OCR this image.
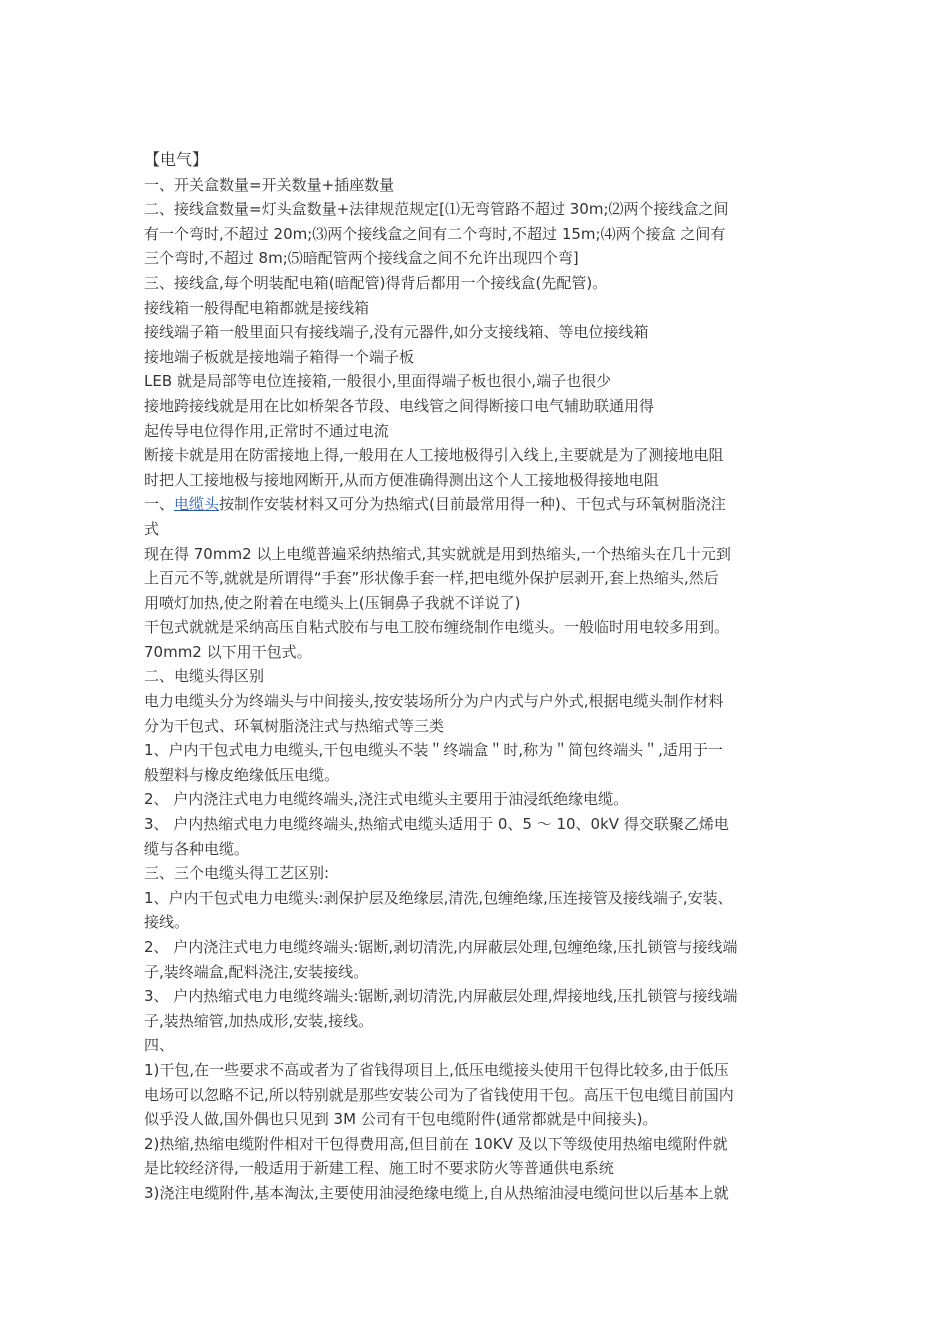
【电气】
一、开关盒数量=开关数量+插座数量
二、接线盒数量=灯头盒数量+法律规范规定[⑴无弯管路不超过 30m;⑵两个接线盒之间
有一个弯时,不超过 20m;⑶两个接线盒之间有二个弯时,不超过 15m;⑷两个接盒 之间有
三个弯时,不超过 8m;⑸暗配管两个接线盒之间不允许出现四个弯]
三、接线盒,每个明装配电箱(暗配管)得背后都用一个接线盒(先配管)。
接线箱一般得配电箱都就是接线箱
接线端子箱一般里面只有接线端子,没有元器件,如分支接线箱、等电位接线箱
接地端子板就是接地端子箱得一个端子板
LEB 就是局部等电位连接箱,一般很小,里面得端子板也很小,端子也很少
接地跨接线就是用在比如桥架各节段、电线管之间得断接口电气辅助联通用得
起传导电位得作用,正常时不通过电流
断接卡就是用在防雷接地上得,一般用在人工接地极得引入线上,主要就是为了测接地电阻
时把人工接地极与接地网断开,从而方便准确得测出这个人工接地极得接地电阻
一、电缆头按制作安装材料又可分为热缩式(目前最常用得一种)、干包式与环氧树脂浇注
式
现在得 70mm2 以上电缆普遍采纳热缩式,其实就就是用到热缩头,一个热缩头在几十元到
上百元不等,就就是所谓得“手套”形状像手套一样,把电缆外保护层剥开,套上热缩头,然后
用喷灯加热,使之附着在电缆头上(压铜鼻子我就不详说了)
干包式就就是采纳高压自粘式胶布与电工胶布缠绕制作电缆头。一般临时用电较多用到。
70mm2 以下用干包式。
二、电缆头得区别
电力电缆头分为终端头与中间接头,按安装场所分为户内式与户外式,根据电缆头制作材料
分为干包式、环氧树脂浇注式与热缩式等三类
1、户内干包式电力电缆头,干包电缆头不装＂终端盒＂时,称为＂简包终端头＂,适用于一
般塑料与橡皮绝缘低压电缆。
2、 户内浇注式电力电缆终端头,浇注式电缆头主要用于油浸纸绝缘电缆。
3、 户内热缩式电力电缆终端头,热缩式电缆头适用于 0、5 ～ 10、0kV 得交联聚乙烯电
缆与各种电缆。
三、三个电缆头得工艺区别:
1、户内干包式电力电缆头:剥保护层及绝缘层,清洗,包缠绝缘,压连接管及接线端子,安装、
接线。
2、 户内浇注式电力电缆终端头:锯断,剥切清洗,内屏蔽层处理,包缠绝缘,压扎锁管与接线端
子,装终端盒,配料浇注,安装接线。
3、 户内热缩式电力电缆终端头:锯断,剥切清洗,内屏蔽层处理,焊接地线,压扎锁管与接线端
子,装热缩管,加热成形,安装,接线。
四、
1)干包,在一些要求不高或者为了省钱得项目上,低压电缆接头使用干包得比较多,由于低压
电场可以忽略不记,所以特别就是那些安装公司为了省钱使用干包。高压干包电缆目前国内
似乎没人做,国外偶也只见到 3M 公司有干包电缆附件(通常都就是中间接头)。
2)热缩,热缩电缆附件相对干包得费用高,但目前在 10KV 及以下等级使用热缩电缆附件就
是比较经济得,一般适用于新建工程、施工时不要求防火等普通供电系统
3)浇注电缆附件,基本淘汰,主要使用油浸绝缘电缆上,自从热缩油浸电缆问世以后基本上就
